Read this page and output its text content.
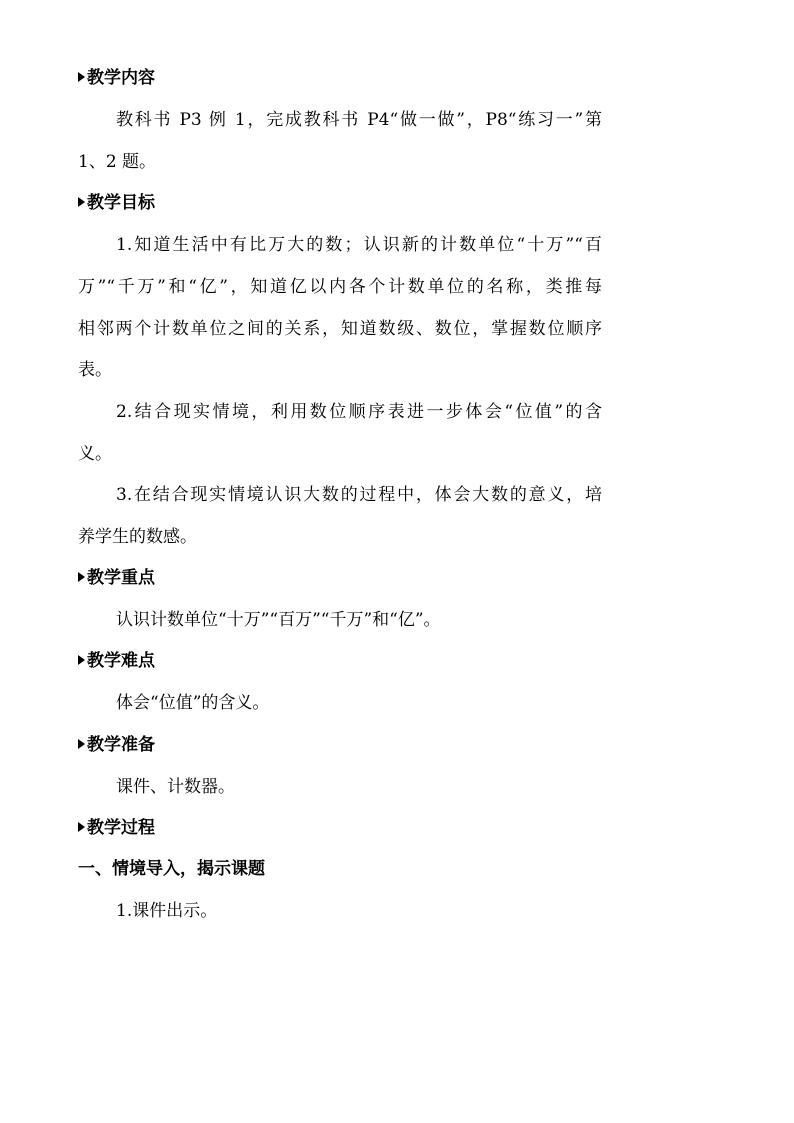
教学内容
教科书 P3 例 1，完成教科书 P4“做一做”，P8“练习一”第
1、2 题。
教学目标
1.知道生活中有比万大的数；认识新的计数单位“十万”“百
万”“千万”和“亿”，知道亿以内各个计数单位的名称，类推每
相邻两个计数单位之间的关系，知道数级、数位，掌握数位顺序
表。
2.结合现实情境，利用数位顺序表进一步体会“位值”的含
义。
3.在结合现实情境认识大数的过程中，体会大数的意义，培
养学生的数感。
教学重点
认识计数单位“十万”“百万”“千万”和“亿”。
教学难点
体会“位值”的含义。
教学准备
课件、计数器。
教学过程
一、情境导入，揭示课题
1.课件出示。
